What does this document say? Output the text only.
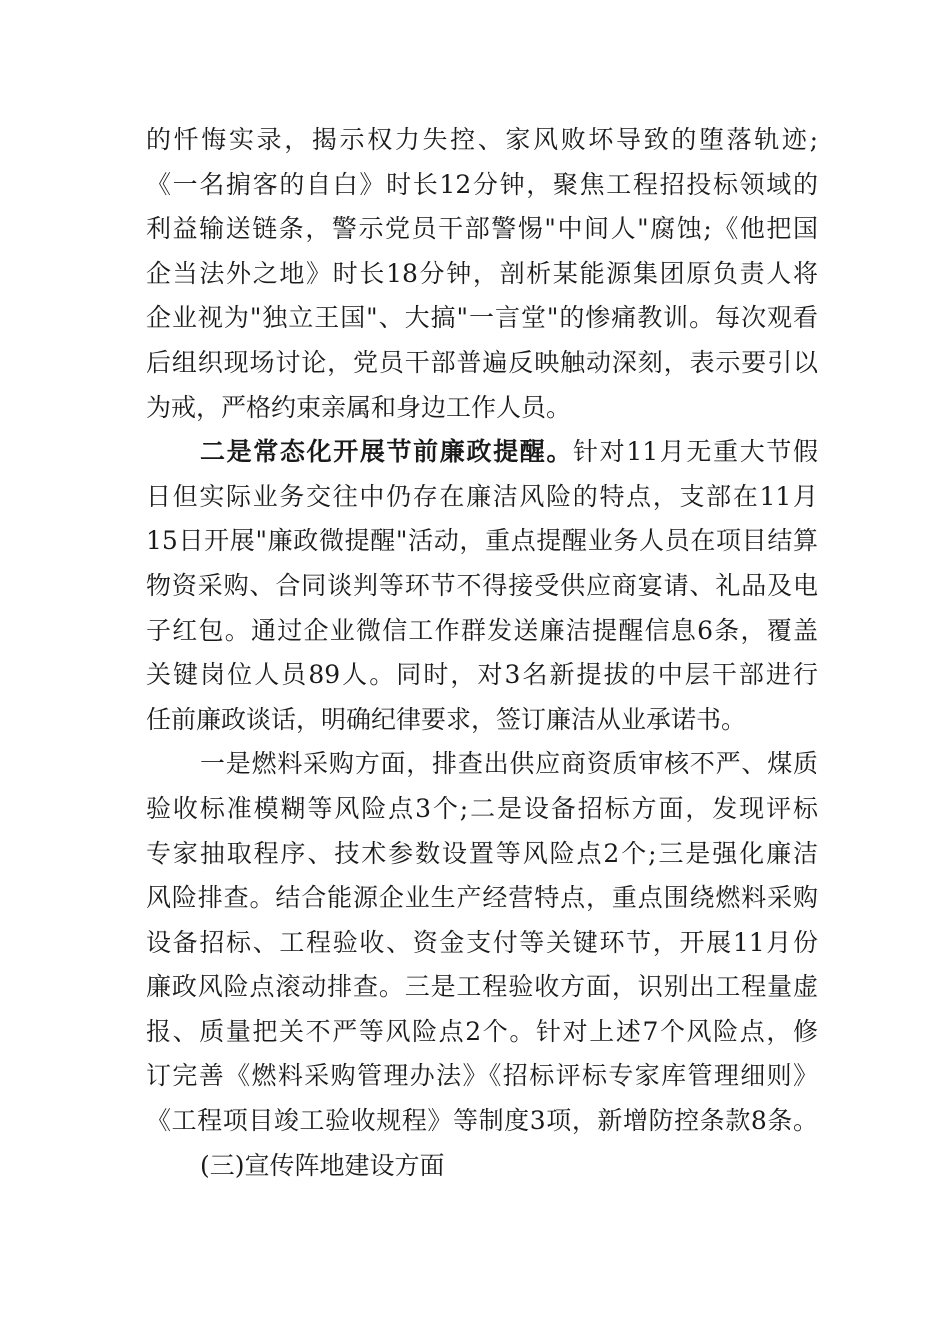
的忏悔实录，揭示权力失控、家风败坏导致的堕落轨迹;
《一名掮客的自白》时长12分钟，聚焦工程招投标领域的
利益输送链条，警示党员干部警惕"中间人"腐蚀;《他把国
企当法外之地》时长18分钟，剖析某能源集团原负责人将
企业视为"独立王国"、大搞"一言堂"的惨痛教训。每次观看
后组织现场讨论，党员干部普遍反映触动深刻，表示要引以
为戒，严格约束亲属和身边工作人员。
二是常态化开展节前廉政提醒。针对11月无重大节假
日但实际业务交往中仍存在廉洁风险的特点，支部在11月
15日开展"廉政微提醒"活动，重点提醒业务人员在项目结算
物资采购、合同谈判等环节不得接受供应商宴请、礼品及电
子红包。通过企业微信工作群发送廉洁提醒信息6条，覆盖
关键岗位人员89人。同时，对3名新提拔的中层干部进行
任前廉政谈话，明确纪律要求，签订廉洁从业承诺书。
一是燃料采购方面，排查出供应商资质审核不严、煤质
验收标准模糊等风险点3个;二是设备招标方面，发现评标
专家抽取程序、技术参数设置等风险点2个;三是强化廉洁
风险排查。结合能源企业生产经营特点，重点围绕燃料采购
设备招标、工程验收、资金支付等关键环节，开展11月份
廉政风险点滚动排查。三是工程验收方面，识别出工程量虚
报、质量把关不严等风险点2个。针对上述7个风险点，修
订完善《燃料采购管理办法》《招标评标专家库管理细则》
《工程项目竣工验收规程》等制度3项，新增防控条款8条。
(三)宣传阵地建设方面
